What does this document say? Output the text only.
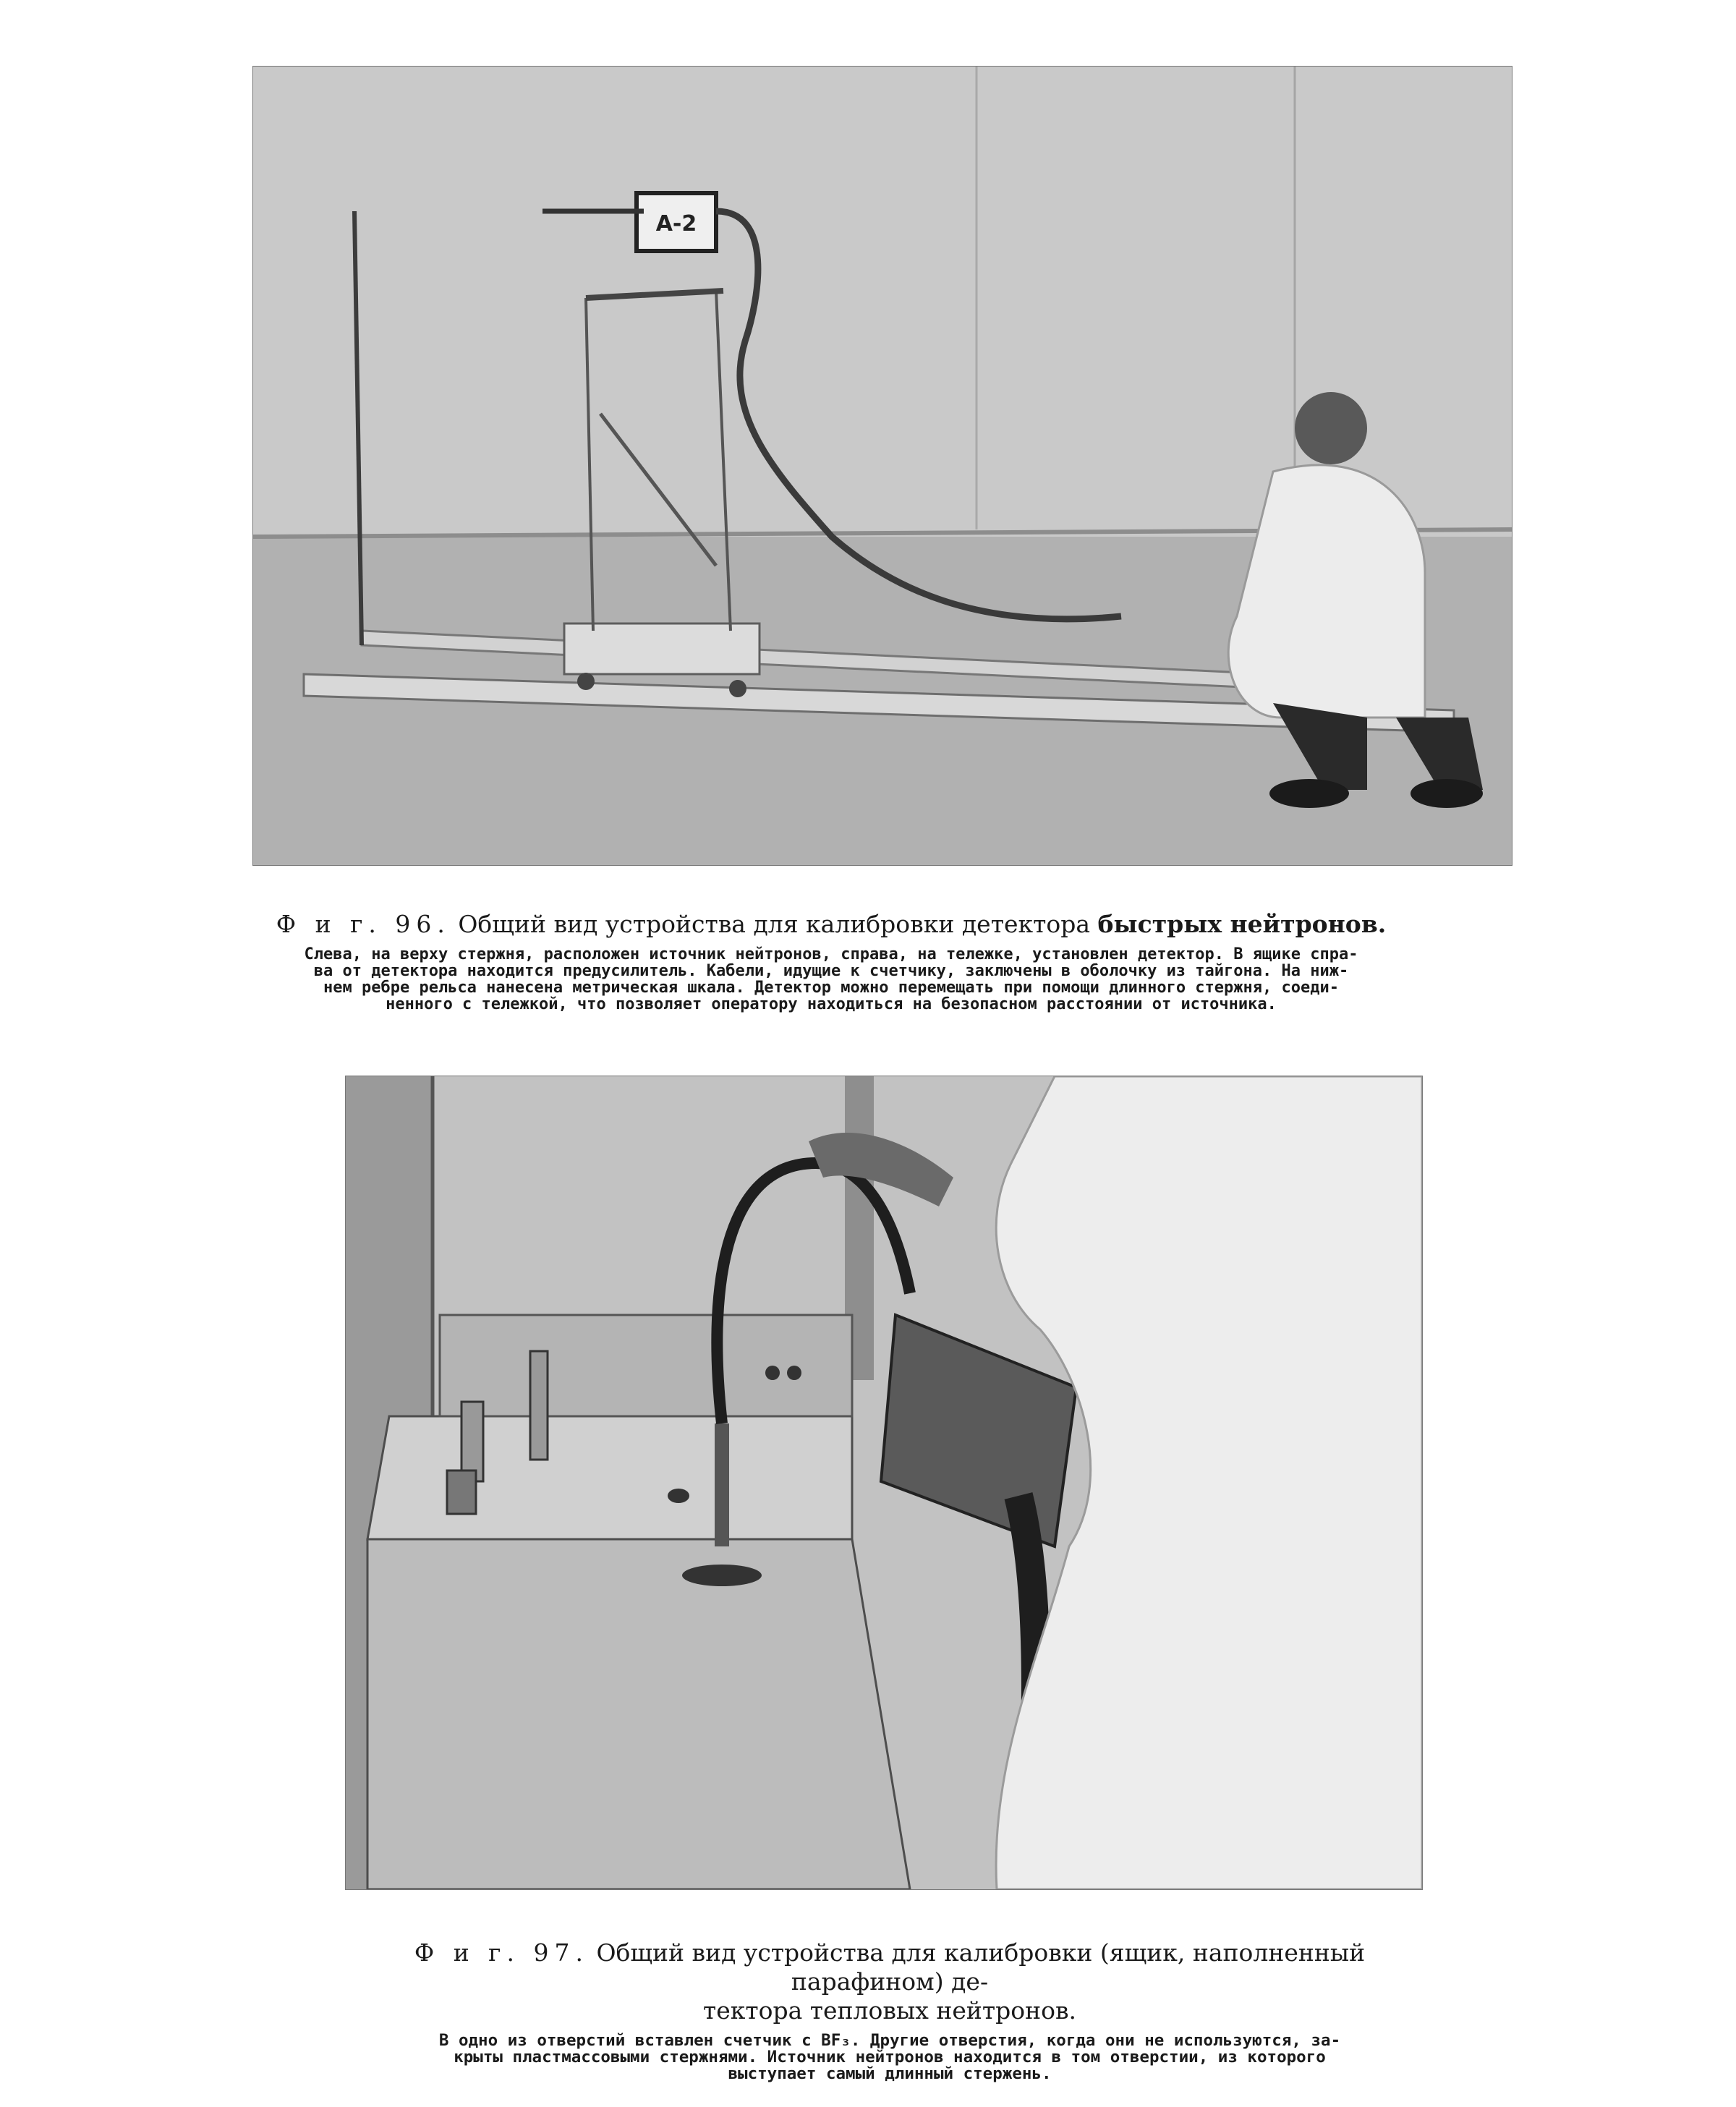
A-2
Ф и г. 96. Общий вид устройства для калибровки детектора быстрых нейтронов.
Слева, на верху стержня, расположен источник нейтронов, справа, на тележке, установлен детектор. В ящике спра-
ва от детектора находится предусилитель. Кабели, идущие к счетчику, заключены в оболочку из тайгона. На ниж-
нем ребре рельса нанесена метрическая шкала. Детектор можно перемещать при помощи длинного стержня, соеди-
ненного с тележкой, что позволяет оператору находиться на безопасном расстоянии от источника.
Ф и г. 97. Общий вид устройства для калибровки (ящик, наполненный парафином) де-
тектора тепловых нейтронов.
В одно из отверстий вставлен счетчик с BF₃. Другие отверстия, когда они не используются, за-
крыты пластмассовыми стержнями. Источник нейтронов находится в том отверстии, из которого
выступает самый длинный стержень.
